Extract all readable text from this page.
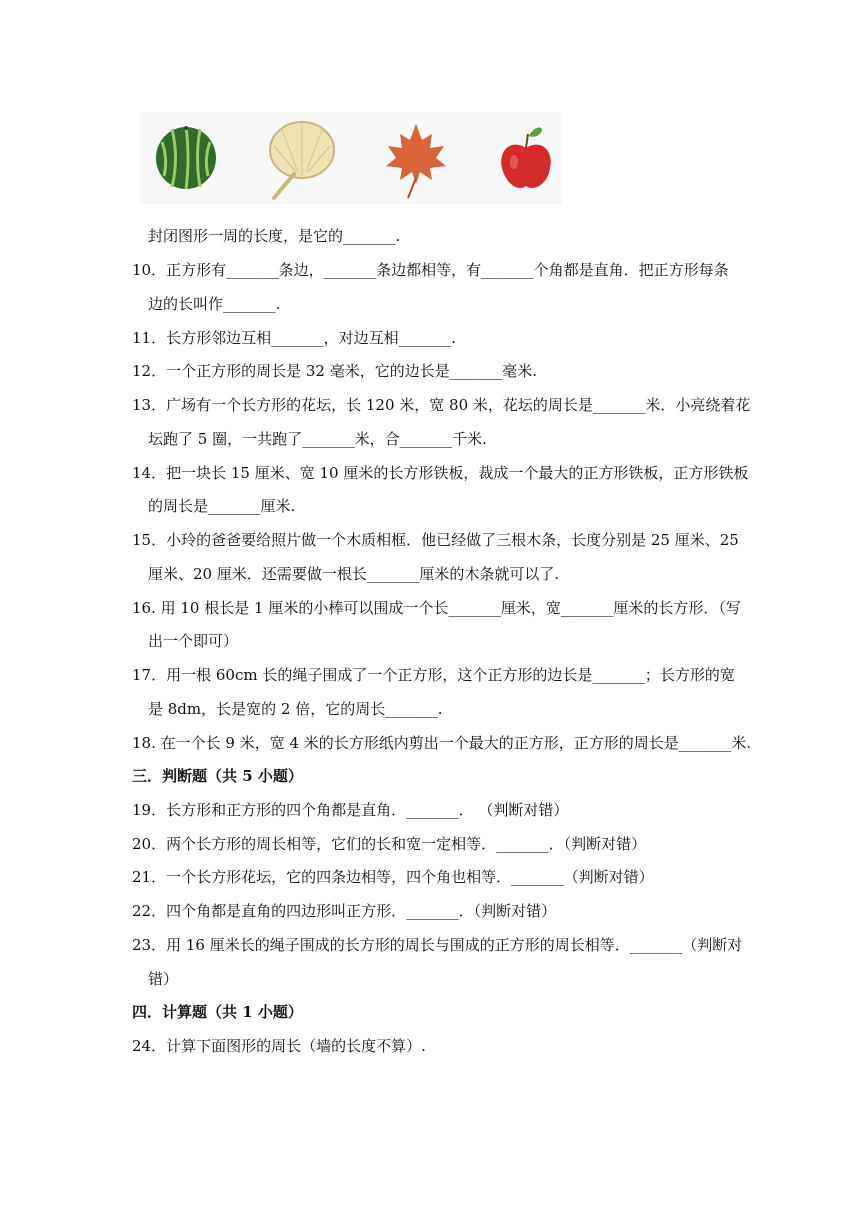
封闭图形一周的长度，是它的_______.
10．正方形有_______条边，_______条边都相等，有_______个角都是直角．把正方形每条
边的长叫作_______.
11．长方形邻边互相_______，对边互相_______.
12．一个正方形的周长是 32 毫米，它的边长是_______毫米.
13．广场有一个长方形的花坛，长 120 米，宽 80 米，花坛的周长是_______米．小亮绕着花
坛跑了 5 圈，一共跑了_______米，合_______千米.
14．把一块长 15 厘米、宽 10 厘米的长方形铁板，裁成一个最大的正方形铁板，正方形铁板
的周长是_______厘米.
15．小玲的爸爸要给照片做一个木质相框．他已经做了三根木条，长度分别是 25 厘米、25
厘米、20 厘米．还需要做一根长_______厘米的木条就可以了.
16. 用 10 根长是 1 厘米的小棒可以围成一个长_______厘米，宽_______厘米的长方形．（写
出一个即可）
17．用一根 60cm 长的绳子围成了一个正方形，这个正方形的边长是_______；长方形的宽
是 8dm，长是宽的 2 倍，它的周长_______.
18. 在一个长 9 米，宽 4 米的长方形纸内剪出一个最大的正方形，正方形的周长是_______米.
三．判断题（共 5 小题）
19．长方形和正方形的四个角都是直角．_______． （判断对错）
20．两个长方形的周长相等，它们的长和宽一定相等．_______．（判断对错）
21．一个长方形花坛，它的四条边相等，四个角也相等．_______（判断对错）
22．四个角都是直角的四边形叫正方形．_______．（判断对错）
23．用 16 厘米长的绳子围成的长方形的周长与围成的正方形的周长相等．_______（判断对
错）
四．计算题（共 1 小题）
24．计算下面图形的周长（墙的长度不算）.
